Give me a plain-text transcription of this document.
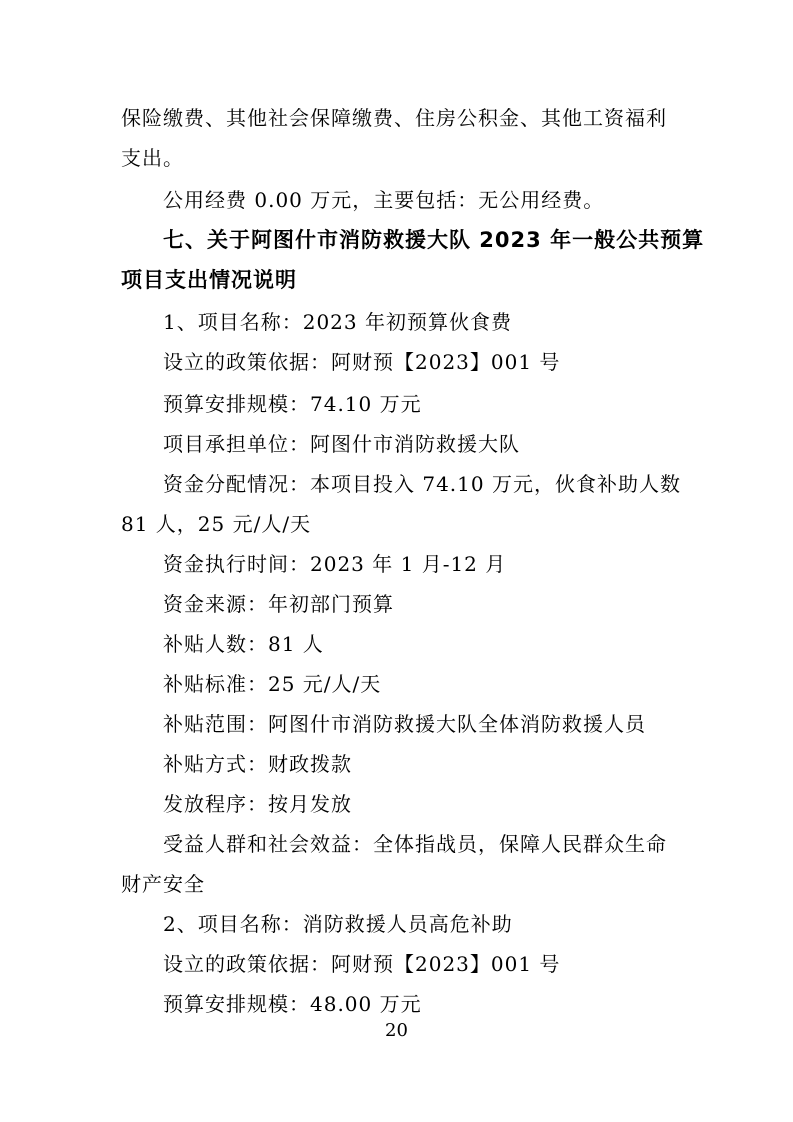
保险缴费、其他社会保障缴费、住房公积金、其他工资福利
支出。
公用经费 0.00 万元，主要包括：无公用经费。
七、关于阿图什市消防救援大队 2023 年一般公共预算
项目支出情况说明
1、项目名称：2023 年初预算伙食费
设立的政策依据：阿财预【2023】001 号
预算安排规模：74.10 万元
项目承担单位：阿图什市消防救援大队
资金分配情况：本项目投入 74.10 万元，伙食补助人数
81 人，25 元/人/天
资金执行时间：2023 年 1 月-12 月
资金来源：年初部门预算
补贴人数：81 人
补贴标准：25 元/人/天
补贴范围：阿图什市消防救援大队全体消防救援人员
补贴方式：财政拨款
发放程序：按月发放
受益人群和社会效益：全体指战员，保障人民群众生命
财产安全
2、项目名称：消防救援人员高危补助
设立的政策依据：阿财预【2023】001 号
预算安排规模：48.00 万元
20
